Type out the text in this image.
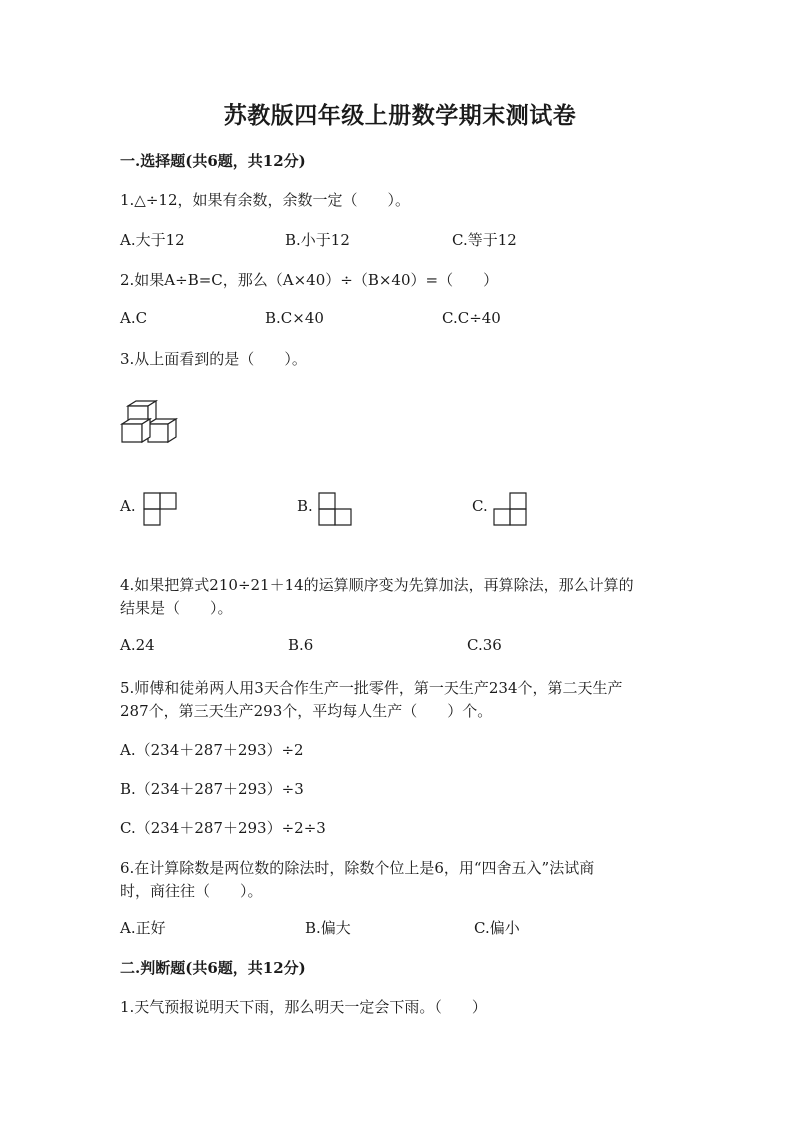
苏教版四年级上册数学期末测试卷
一.选择题(共6题，共12分)
1.△÷12，如果有余数，余数一定（　　）。
A.大于12	B.小于12	C.等于12
2.如果A÷B=C，那么（A×40）÷（B×40）=（　　）
A.C	B.C×40	C.C÷40
3.从上面看到的是（　　）。
A.	B.	C.
4.如果把算式210÷21＋14的运算顺序变为先算加法，再算除法，那么计算的
结果是（　　）。
A.24	B.6	C.36
5.师傅和徒弟两人用3天合作生产一批零件，第一天生产234个，第二天生产
287个，第三天生产293个，平均每人生产（　　）个。
A.（234＋287＋293）÷2
B.（234＋287＋293）÷3
C.（234＋287＋293）÷2÷3
6.在计算除数是两位数的除法时，除数个位上是6，用“四舍五入”法试商
时，商往往（　　）。
A.正好	B.偏大	C.偏小
二.判断题(共6题，共12分)
1.天气预报说明天下雨，那么明天一定会下雨。（　　）
